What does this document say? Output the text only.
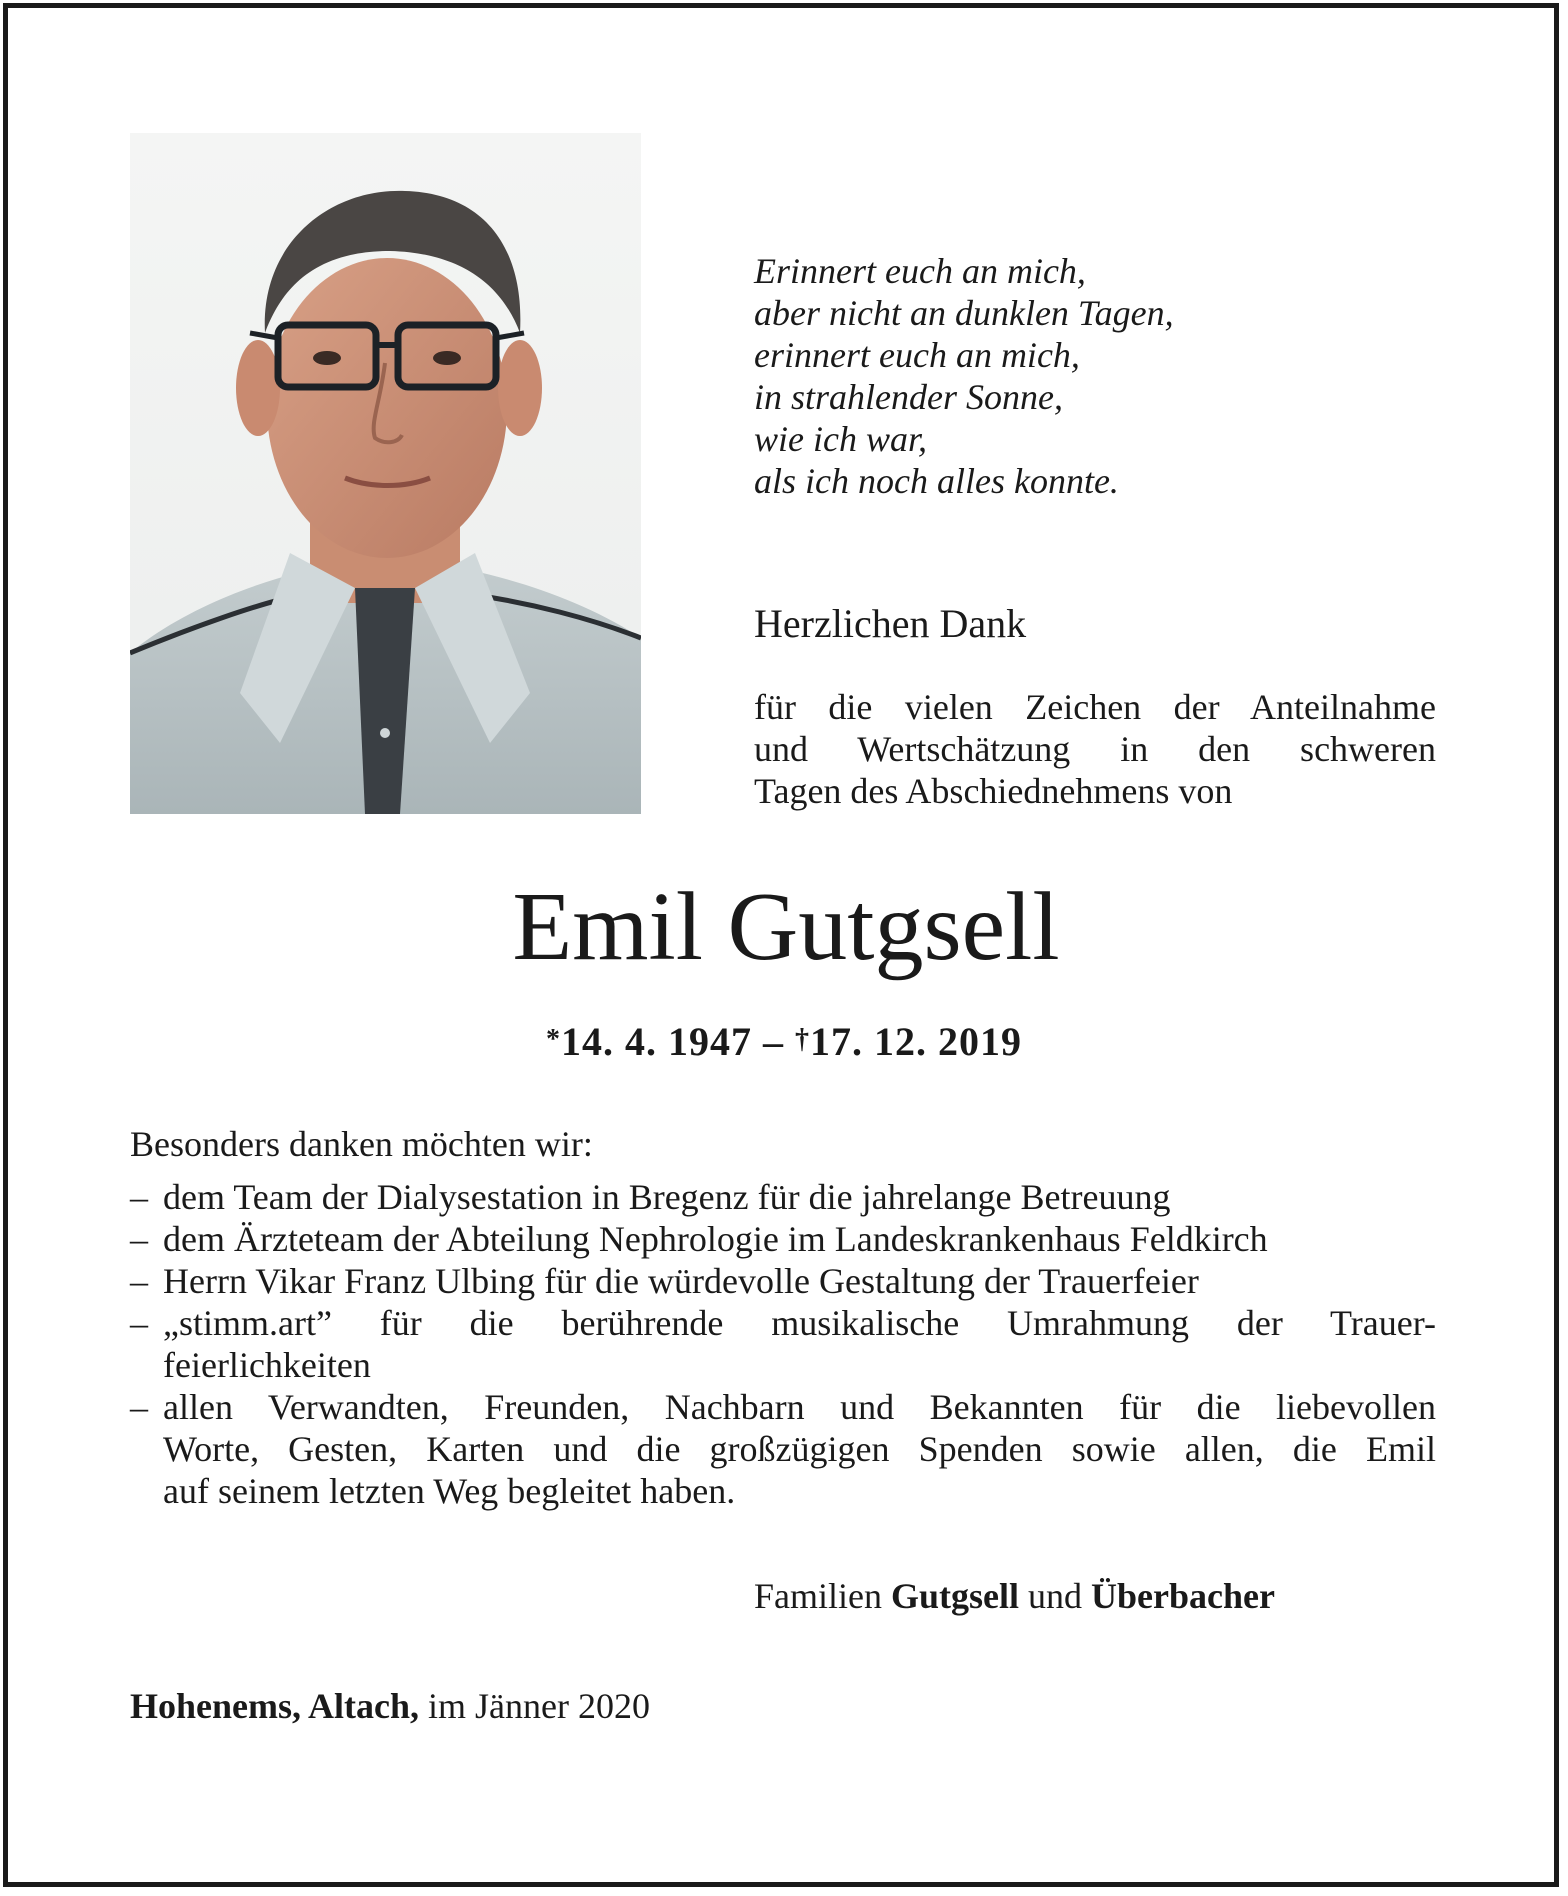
Erinnert euch an mich,
aber nicht an dunklen Tagen,
erinnert euch an mich,
in strahlender Sonne,
wie ich war,
als ich noch alles konnte.
Herzlichen Dank
für die vielen Zeichen der Anteilnahme
und Wertschätzung in den schweren
Tagen des Abschiednehmens von
Emil Gutgsell
*14. 4. 1947 – †17. 12. 2019
Besonders danken möchten wir:
– dem Team der Dialysestation in Bregenz für die jahrelange Betreuung
– dem Ärzteteam der Abteilung Nephrologie im Landeskrankenhaus Feldkirch
– Herrn Vikar Franz Ulbing für die würdevolle Gestaltung der Trauerfeier
– „stimm.art” für die berührende musikalische Umrahmung der Trauer-
feierlichkeiten
– allen Verwandten, Freunden, Nachbarn und Bekannten für die liebevollen
Worte, Gesten, Karten und die großzügigen Spenden sowie allen, die Emil
auf seinem letzten Weg begleitet haben.
Familien Gutgsell und Überbacher
Hohenems, Altach, im Jänner 2020
